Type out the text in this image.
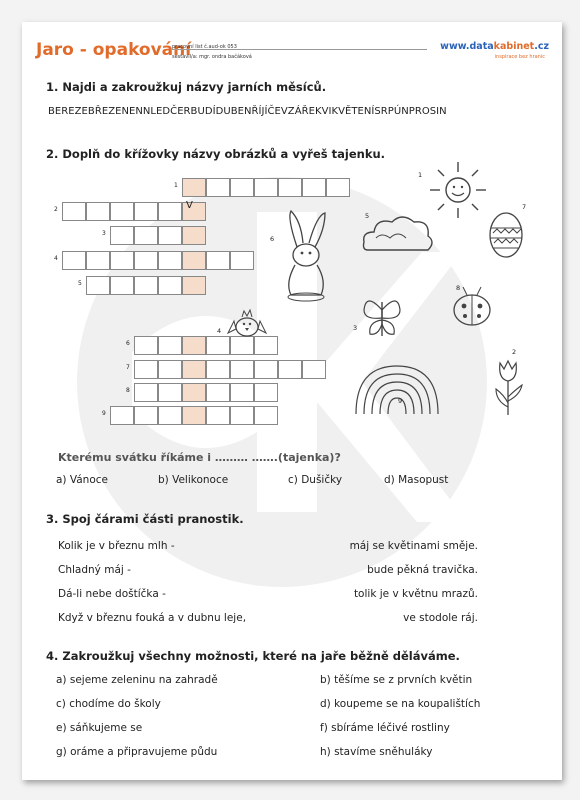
Jaro - opakování
pracovní list č.aud-ok 053
sestavil/a: mgr. ondra bačáková
www.datakabinet.cz
inspirace bez hranic
1. Najdi a zakroužkuj názvy jarních měsíců.
BEREZEBŘEZENENNLEDČERBUDÍDUBENŘÍJÍČEVZÁŘEKVIKVĚTENÍSRPÚNPROSIN
2. Doplň do křížovky názvy obrázků a vyřeš tajenku.
1
2
3
4
5
6
7
8
9
V
1
5
6
7
8
3
2
9
4
Kterému svátku říkáme i ……… …….(tajenka)?
a) Vánoce	b) Velikonoce	c) Dušičky	d) Masopust
3. Spoj čárami části pranostik.
Kolik je v březnu mlh -
Chladný máj -
Dá-li nebe doštíčka -
Když v březnu fouká a v dubnu leje,
máj se květinami směje.
bude pěkná travička.
tolik je v květnu mrazů.
ve stodole ráj.
4. Zakroužkuj všechny možnosti, které na jaře běžně děláváme.
a) sejeme zeleninu na zahradě
c) chodíme do školy
e) sáňkujeme se
g) oráme a připravujeme půdu
b) těšíme se z prvních květin
d) koupeme se na koupalištích
f) sbíráme léčivé rostliny
h) stavíme sněhuláky
